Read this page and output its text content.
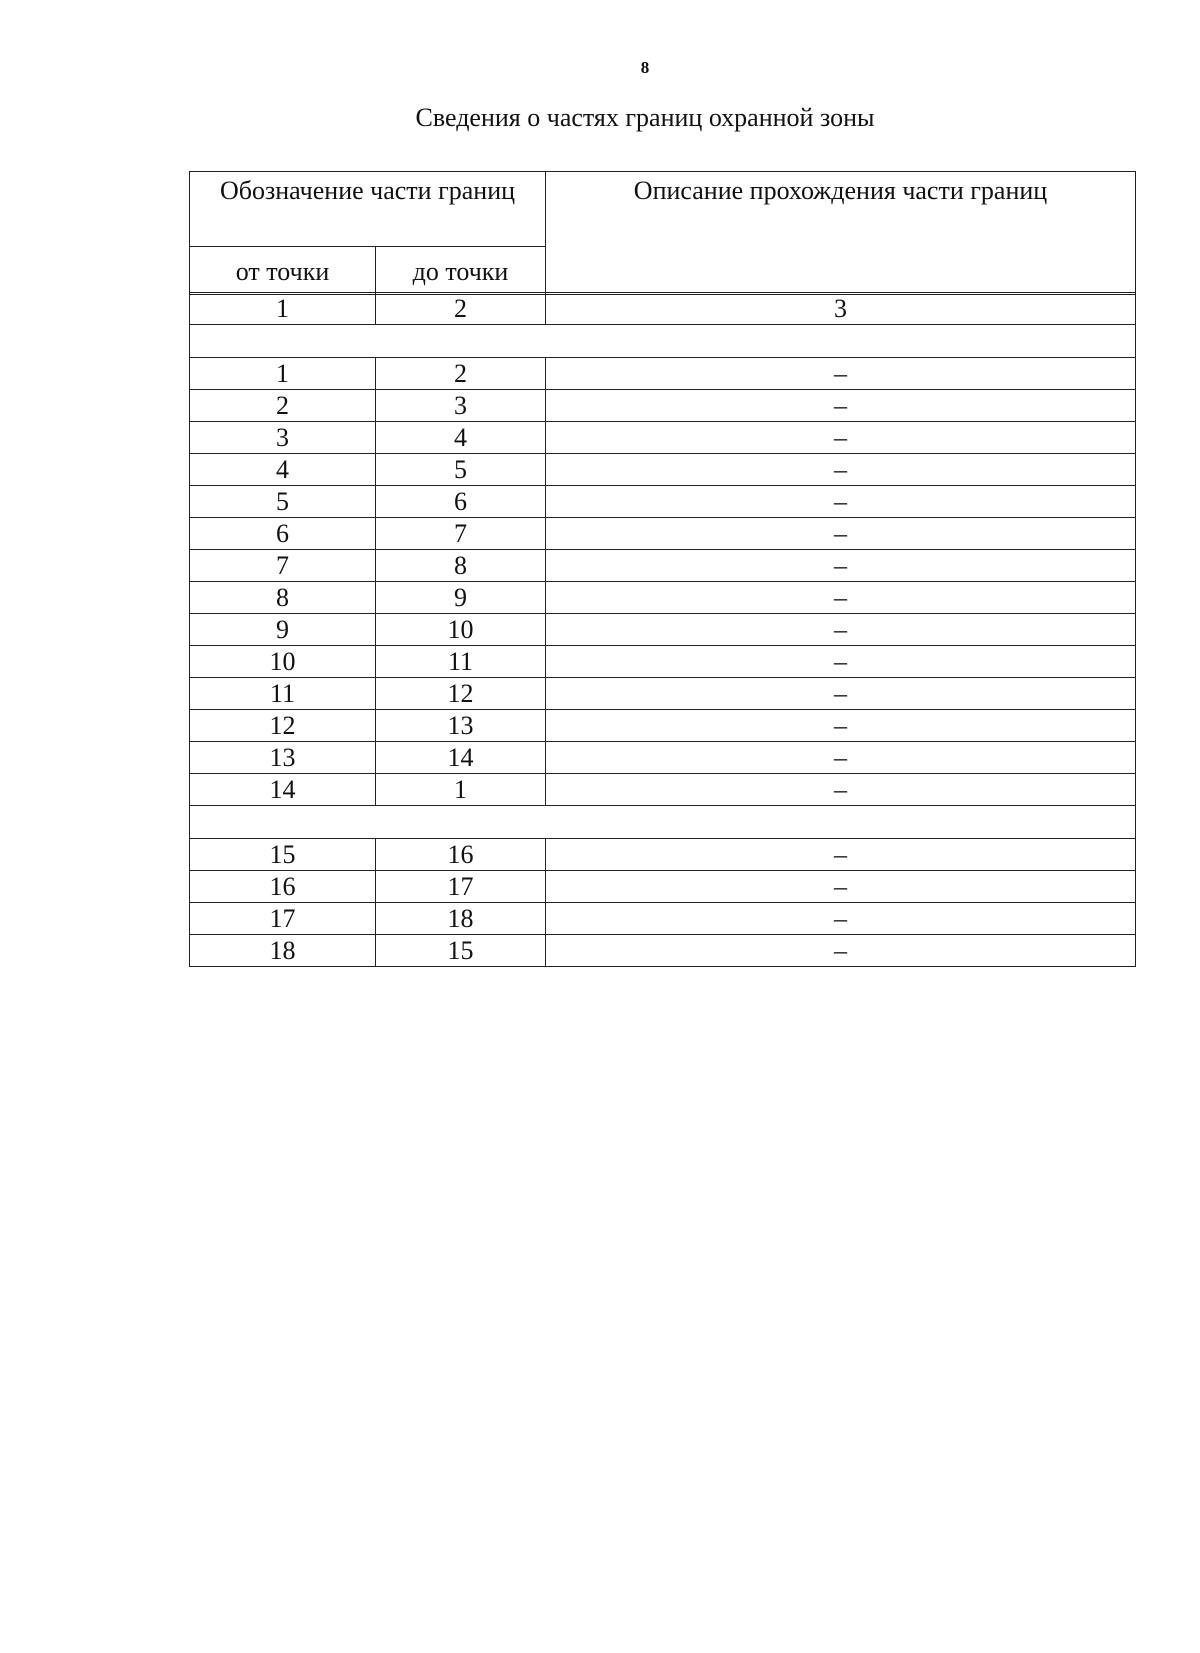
8
Сведения о частях границ охранной зоны
Обозначение части границ		Описание прохождения части границ
от точки	до точки	
1	2	3

1	2	–
2	3	–
3	4	–
4	5	–
5	6	–
6	7	–
7	8	–
8	9	–
9	10	–
10	11	–
11	12	–
12	13	–
13	14	–
14	1	–

15	16	–
16	17	–
17	18	–
18	15	–
